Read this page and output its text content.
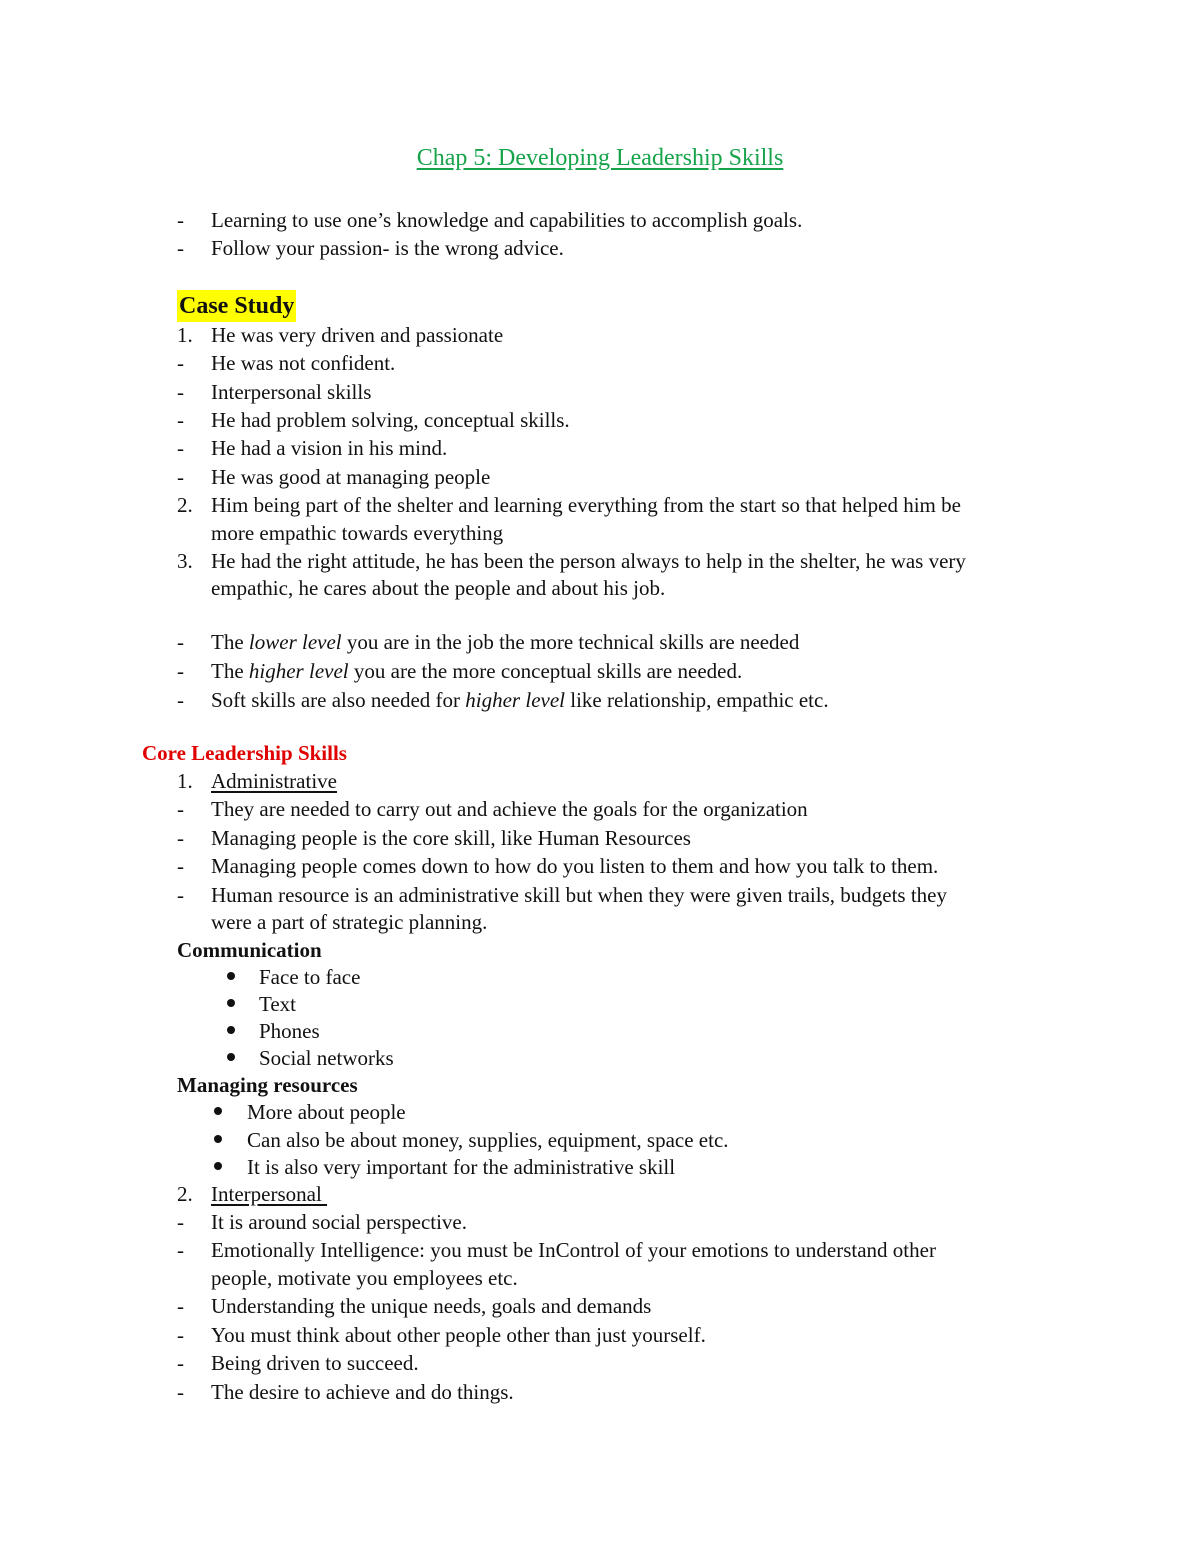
Chap 5: Developing Leadership Skills
- Learning to use one’s knowledge and capabilities to accomplish goals.
- Follow your passion- is the wrong advice.
Case Study
1. He was very driven and passionate
- He was not confident.
- Interpersonal skills
- He had problem solving, conceptual skills.
- He had a vision in his mind.
- He was good at managing people
2. Him being part of the shelter and learning everything from the start so that helped him be
more empathic towards everything
3. He had the right attitude, he has been the person always to help in the shelter, he was very
empathic, he cares about the people and about his job.
- The lower level you are in the job the more technical skills are needed
- The higher level you are the more conceptual skills are needed.
- Soft skills are also needed for higher level like relationship, empathic etc.
Core Leadership Skills
1. Administrative
- They are needed to carry out and achieve the goals for the organization
- Managing people is the core skill, like Human Resources
- Managing people comes down to how do you listen to them and how you talk to them.
- Human resource is an administrative skill but when they were given trails, budgets they
were a part of strategic planning.
Communication
Face to face
Text
Phones
Social networks
Managing resources
More about people
Can also be about money, supplies, equipment, space etc.
It is also very important for the administrative skill
2. Interpersonal
- It is around social perspective.
- Emotionally Intelligence: you must be InControl of your emotions to understand other
people, motivate you employees etc.
- Understanding the unique needs, goals and demands
- You must think about other people other than just yourself.
- Being driven to succeed.
- The desire to achieve and do things.
